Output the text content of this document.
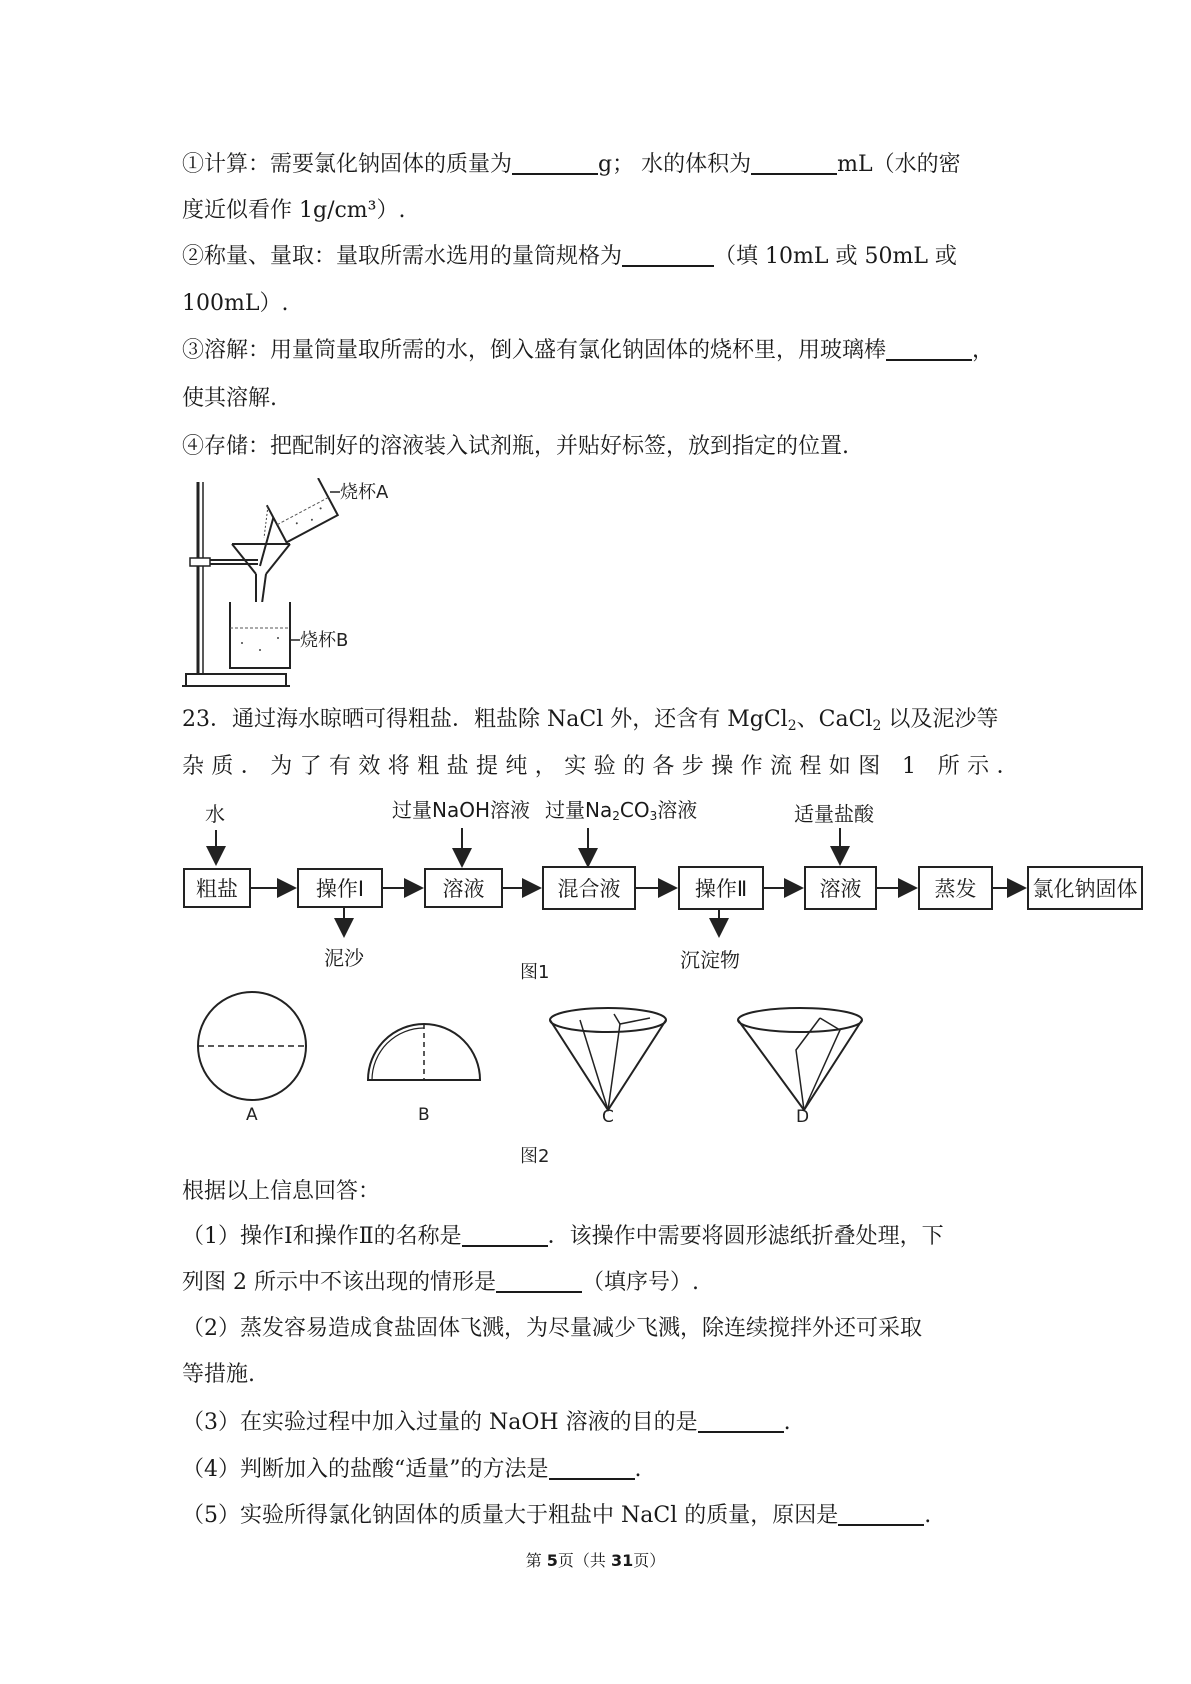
①计算：需要氯化钠固体的质量为	g； 水的体积为	mL（水的密
度近似看作 1g/cm³）.
②称量、量取：量取所需水选用的量筒规格为	（填 10mL 或 50mL 或
100mL）.
③溶解：用量筒量取所需的水，倒入盛有氯化钠固体的烧杯里，用玻璃棒	，
使其溶解.
④存储：把配制好的溶液装入试剂瓶，并贴好标签，放到指定的位置.
烧杯A
烧杯B
23．通过海水晾晒可得粗盐．粗盐除 NaCl 外，还含有 MgCl$_2$、CaCl$_2$ 以及泥沙等
杂质．为了有效将粗盐提纯，实验的各步操作流程如图 1 所示．
水
粗盐	操作Ⅰ	溶液	混合液	操作Ⅱ	溶液	蒸发	氯化钠固体
过量NaOH溶液 过量Na2CO3溶液	适量盐酸
泥沙	沉淀物
图1
A	B	C	D
图2
根据以上信息回答：
（1）操作Ⅰ和操作Ⅱ的名称是	．该操作中需要将圆形滤纸折叠处理，下
列图 2 所示中不该出现的情形是	（填序号）.
（2）蒸发容易造成食盐固体飞溅，为尽量减少飞溅，除连续搅拌外还可采取
等措施.
（3）在实验过程中加入过量的 NaOH 溶液的目的是	.
（4）判断加入的盐酸“适量”的方法是	.
（5）实验所得氯化钠固体的质量大于粗盐中 NaCl 的质量，原因是	.
第 5页（共 31页）
